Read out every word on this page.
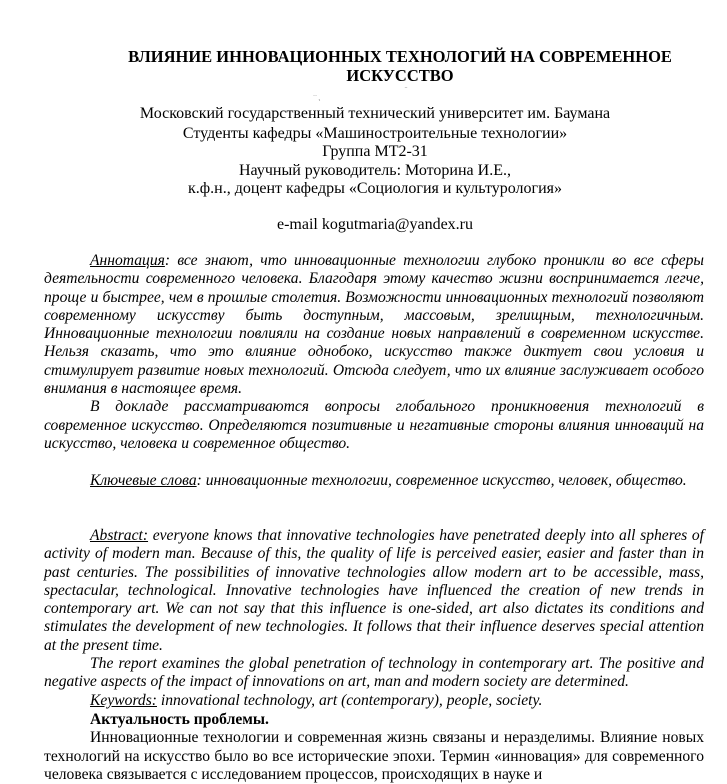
ВЛИЯНИЕ ИННОВАЦИОННЫХ ТЕХНОЛОГИЙ НА СОВРЕМЕННОЕ
ИСКУССТВО
˙˙ ˛
‾
Московский государственный технический университет им. Баумана
Студенты кафедры «Машиностроительные технологии»
Группа МТ2-31
Научный руководитель: Моторина И.Е.,
к.ф.н., доцент кафедры «Социология и культурология»
e-mail kogutmaria@yandex.ru

Аннотация: все знают, что инновационные технологии глубоко проникли во все сферы деятельности современного человека. Благодаря этому качество жизни воспринимается легче, проще и быстрее, чем в прошлые столетия. Возможности инновационных технологий позволяют современному искусству быть доступным, массовым, зрелищным, технологичным. Инновационные технологии повлияли на создание новых направлений в современном искусстве. Нельзя сказать, что это влияние однобоко, искусство также диктует свои условия и стимулирует развитие новых технологий. Отсюда следует, что их влияние заслуживает особого внимания в настоящее время.

В докладе рассматриваются вопросы глобального проникновения технологий в современное искусство. Определяются позитивные и негативные стороны влияния инноваций на искусство, человека и современное общество.

Ключевые слова: инновационные технологии, современное искусство, человек, общество.

Abstract: everyone knows that innovative technologies have penetrated deeply into all spheres of activity of modern man. Because of this, the quality of life is perceived easier, easier and faster than in past centuries. The possibilities of innovative technologies allow modern art to be accessible, mass, spectacular, technological. Innovative technologies have influenced the creation of new trends in contemporary art. We can not say that this influence is one-sided, art also dictates its conditions and stimulates the development of new technologies. It follows that their influence deserves special attention at the present time.

The report examines the global penetration of technology in contemporary art. The positive and negative aspects of the impact of innovations on art, man and modern society are determined.

Keywords: innovational technology, art (contemporary), people, society.

Актуальность проблемы.

Инновационные технологии и современная жизнь связаны и неразделимы. Влияние новых технологий на искусство было во все исторические эпохи. Термин «инновация» для современного человека связывается с исследованием процессов, происходящих в науке и
